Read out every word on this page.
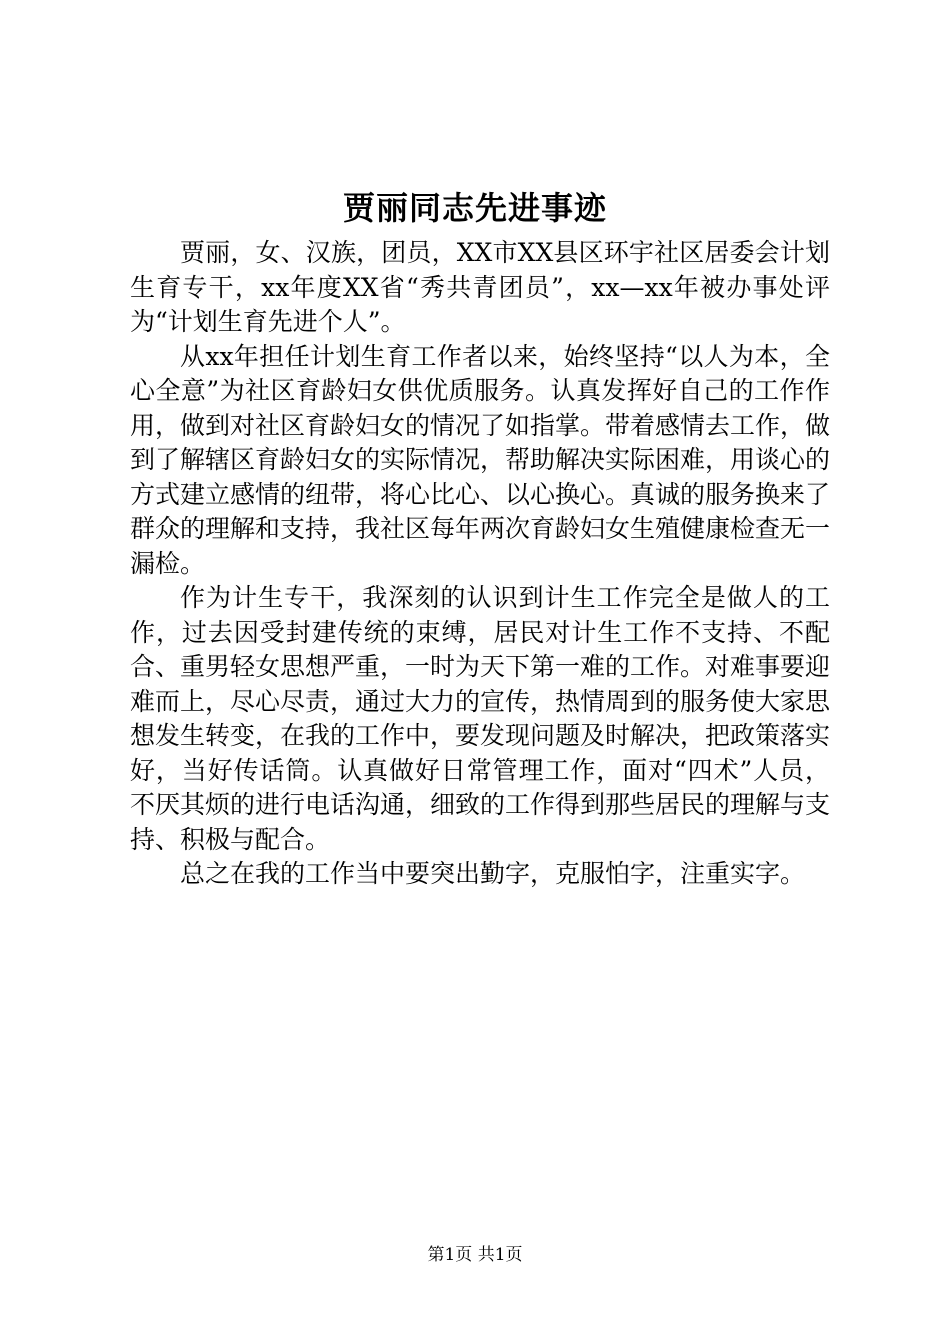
贾丽同志先进事迹

贾丽，女、汉族，团员，XX市XX县区环宇社区居委会计划生育专干，xx年度XX省“秀共青团员”，xx—xx年被办事处评为“计划生育先进个人”。

从xx年担任计划生育工作者以来，始终坚持“以人为本，全心全意”为社区育龄妇女供优质服务。认真发挥好自己的工作作用，做到对社区育龄妇女的情况了如指掌。带着感情去工作，做到了解辖区育龄妇女的实际情况，帮助解决实际困难，用谈心的方式建立感情的纽带，将心比心、以心换心。真诚的服务换来了群众的理解和支持，我社区每年两次育龄妇女生殖健康检查无一漏检。

作为计生专干，我深刻的认识到计生工作完全是做人的工作，过去因受封建传统的束缚，居民对计生工作不支持、不配合、重男轻女思想严重，一时为天下第一难的工作。对难事要迎难而上，尽心尽责，通过大力的宣传，热情周到的服务使大家思想发生转变，在我的工作中，要发现问题及时解决，把政策落实好，当好传话筒。认真做好日常管理工作，面对“四术”人员，不厌其烦的进行电话沟通，细致的工作得到那些居民的理解与支持、积极与配合。

总之在我的工作当中要突出勤字，克服怕字，注重实字。

第1页 共1页
